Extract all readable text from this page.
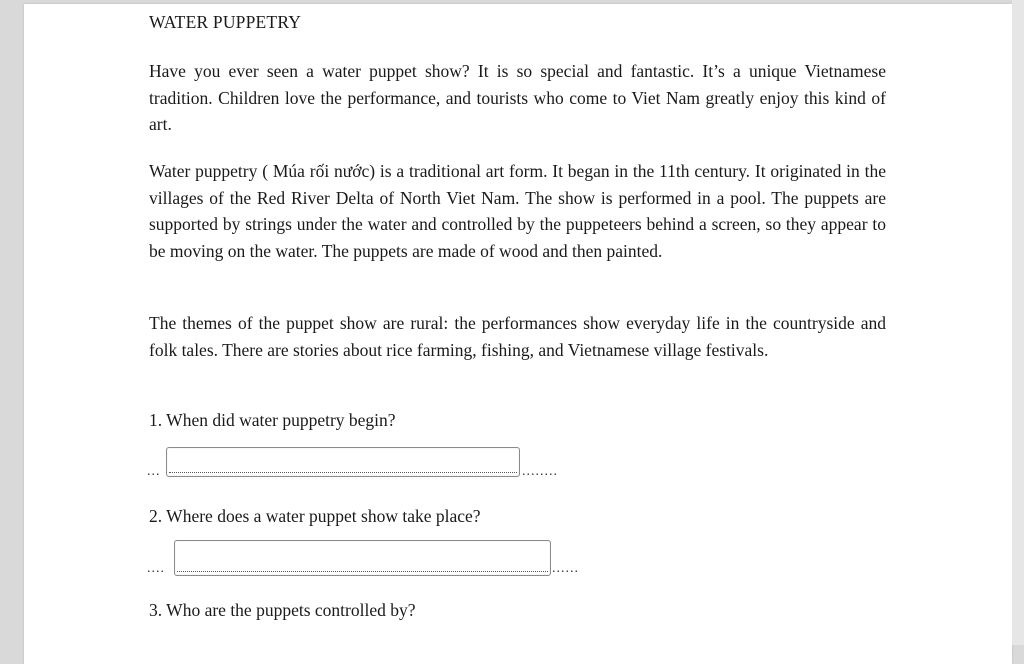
WATER PUPPETRY
Have you ever seen a water puppet show? It is so special and fantastic. It’s a unique Vietnamese tradition. Children love the performance, and tourists who come to Viet Nam greatly enjoy this kind of art.
Water puppetry ( Múa rối nước) is a traditional art form. It began in the 11th century. It originated in the villages of the Red River Delta of North Viet Nam. The show is performed in a pool. The puppets are supported by strings under the water and controlled by the puppeteers behind a screen, so they appear to be moving on the water. The puppets are made of wood and then painted.
The themes of the puppet show are rural: the performances show everyday life in the countryside and folk tales. There are stories about rice farming, fishing, and Vietnamese village festivals.
1. When did water puppetry begin?
...	........
2. Where does a water puppet show take place?
....	......
3. Who are the puppets controlled by?
